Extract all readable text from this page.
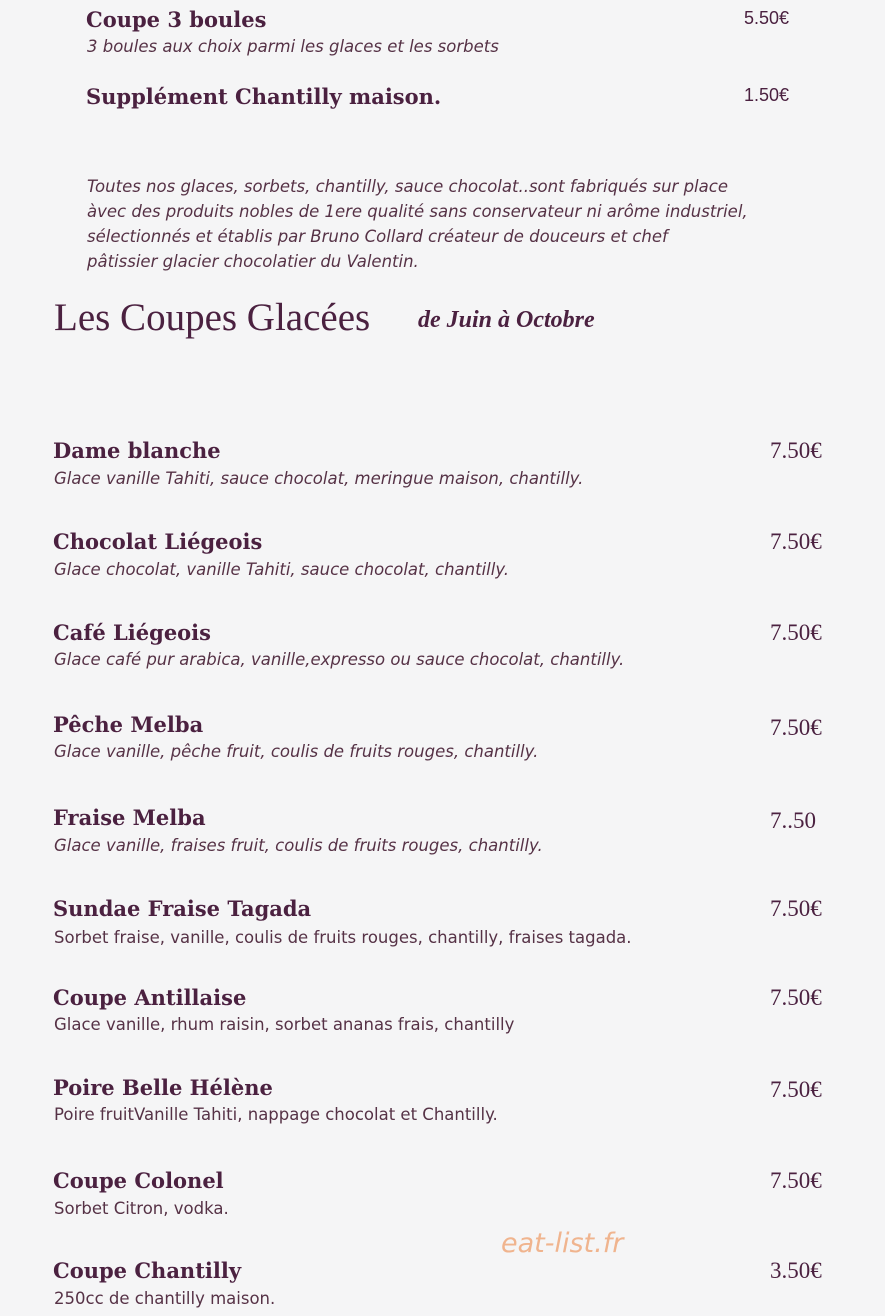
Coupe 3 boules
3 boules aux choix parmi les glaces et les sorbets
5.50€
Supplément Chantilly maison.	1.50€
Toutes nos glaces, sorbets, chantilly, sauce chocolat..sont fabriqués sur place
àvec des produits nobles de 1ere qualité sans conservateur ni arôme industriel,
sélectionnés et établis par Bruno Collard créateur de douceurs et chef
pâtissier glacier chocolatier du Valentin.
Les Coupes Glacées de Juin à Octobre
Dame blanche
Glace vanille Tahiti, sauce chocolat, meringue maison, chantilly.
7.50€
Chocolat Liégeois
Glace chocolat, vanille Tahiti, sauce chocolat, chantilly.
7.50€
Café Liégeois
Glace café pur arabica, vanille,expresso ou sauce chocolat, chantilly.
7.50€
Pêche Melba
Glace vanille, pêche fruit, coulis de fruits rouges, chantilly.
7.50€
Fraise Melba
Glace vanille, fraises fruit, coulis de fruits rouges, chantilly.
7..50
Sundae Fraise Tagada
Sorbet fraise, vanille, coulis de fruits rouges, chantilly, fraises tagada.
7.50€
Coupe Antillaise
Glace vanille, rhum raisin, sorbet ananas frais, chantilly
7.50€
Poire Belle Hélène
Poire fruitVanille Tahiti, nappage chocolat et Chantilly.
7.50€
Coupe Colonel
Sorbet Citron, vodka.
7.50€
Coupe Chantilly
250cc de chantilly maison.
3.50€
eat-list.fr
